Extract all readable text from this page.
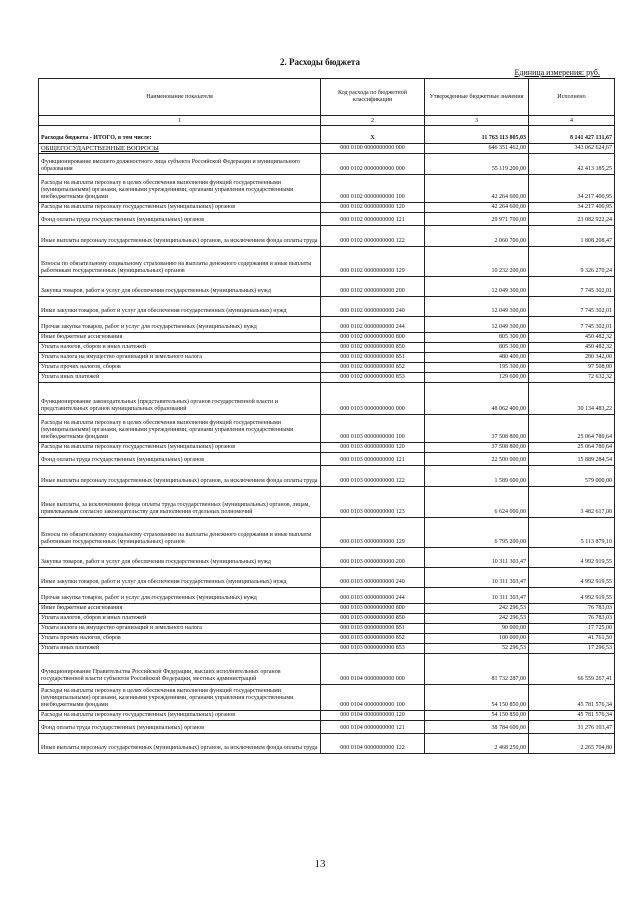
2. Расходы бюджета
Единица измерения: руб.
Наименование показателя	Код расхода по бюджетной классификации	Утвержденные бюджетные значения	Исполнено
1	2	3	4
Расходы бюджета - ИТОГО, в том числе:	X	11 763 113 805,03	8 141 427 131,67
ОБЩЕГОСУДАРСТВЕННЫЕ ВОПРОСЫ	000 0100 0000000000 000	646 351 462,00	343 062 624,67
Функционирование высшего должностного лица субъекта Российской Федерации и муниципального образования	000 0102 0000000000 000	55 119 200,00	42 413 185,25
Расходы на выплаты персоналу в целях обеспечения выполнения функций государственными (муниципальными) органами, казенными учреждениями, органами управления государственными внебюджетными фондами	000 0102 0000000000 100	42 264 600,00	34 217 400,95
Расходы на выплаты персоналу государственных (муниципальных) органов	000 0102 0000000000 120	42 264 600,00	34 217 400,95
Фонд оплаты труда государственных (муниципальных) органов	000 0102 0000000000 121	29 971 700,00	23 082 922,24
Иные выплаты персоналу государственных (муниципальных) органов, за исключением фонда оплаты труда	000 0102 0000000000 122	2 060 700,00	1 808 208,47
Взносы по обязательному социальному страхованию на выплаты денежного содержания и иные выплаты работникам государственных (муниципальных) органов	000 0102 0000000000 129	10 232 200,00	9 326 270,24
Закупка товаров, работ и услуг для обеспечения государственных (муниципальных) нужд	000 0102 0000000000 200	12 049 300,00	7 745 302,01
Иные закупки товаров, работ и услуг для обеспечения государственных (муниципальных) нужд	000 0102 0000000000 240	12 049 300,00	7 745 302,01
Прочая закупка товаров, работ и услуг для государственных (муниципальных) нужд	000 0102 0000000000 244	12 049 300,00	7 745 302,01
Иные бюджетные ассигнования	000 0102 0000000000 800	805 300,00	450 482,32
Уплата налогов, сборов и иных платежей	000 0102 0000000000 850	805 300,00	450 482,32
Уплата налога на имущество организаций и земельного налога	000 0102 0000000000 851	480 400,00	280 342,00
Уплата прочих налогов, сборов	000 0102 0000000000 852	195 300,00	97 508,00
Уплата иных платежей	000 0102 0000000000 853	129 600,00	72 632,32
Функционирование законодательных (представительных) органов государственной власти и представительных органов муниципальных образований	000 0103 0000000000 000	48 062 400,00	30 134 483,22
Расходы на выплаты персоналу в целях обеспечения выполнения функций государственными (муниципальными) органами, казенными учреждениями, органами управления государственными внебюджетными фондами	000 0103 0000000000 100	37 508 800,00	25 064 780,64
Расходы на выплаты персоналу государственных (муниципальных) органов	000 0103 0000000000 120	37 508 800,00	25 064 780,64
Фонд оплаты труда государственных (муниципальных) органов	000 0103 0000000000 121	22 500 000,00	15 889 284,54
Иные выплаты персоналу государственных (муниципальных) органов, за исключением фонда оплаты труда	000 0103 0000000000 122	1 589 600,00	579 000,00
Иные выплаты, за исключением фонда оплаты труда государственных (муниципальных) органов, лицам, привлекаемым согласно законодательству для выполнения отдельных полномочий	000 0103 0000000000 123	6 624 000,00	3 482 617,00
Взносы по обязательному социальному страхованию на выплаты денежного содержания и иные выплаты работникам государственных (муниципальных) органов	000 0103 0000000000 129	6 795 200,00	5 113 879,10
Закупка товаров, работ и услуг для обеспечения государственных (муниципальных) нужд	000 0103 0000000000 200	10 311 303,47	4 992 919,55
Иные закупки товаров, работ и услуг для обеспечения государственных (муниципальных) нужд	000 0103 0000000000 240	10 311 303,47	4 992 919,55
Прочая закупка товаров, работ и услуг для государственных (муниципальных) нужд	000 0103 0000000000 244	10 311 303,47	4 992 919,55
Иные бюджетные ассигнования	000 0103 0000000000 800	242 296,53	76 783,03
Уплата налогов, сборов и иных платежей	000 0103 0000000000 850	242 296,53	76 783,03
Уплата налога на имущество организаций и земельного налога	000 0103 0000000000 851	90 000,00	17 725,00
Уплата прочих налогов, сборов	000 0103 0000000000 852	100 000,00	41 761,50
Уплата иных платежей	000 0103 0000000000 853	52 296,53	17 296,53
Функционирование Правительства Российской Федерации, высших исполнительных органов государственной власти субъектов Российской Федерации, местных администраций	000 0104 0000000000 000	81 732 287,00	66 559 267,41
Расходы на выплаты персоналу в целях обеспечения выполнения функций государственными (муниципальными) органами, казенными учреждениями, органами управления государственными внебюджетными фондами	000 0104 0000000000 100	54 150 850,00	45 781 576,34
Расходы на выплаты персоналу государственных (муниципальных) органов	000 0104 0000000000 120	54 150 850,00	45 781 576,34
Фонд оплаты труда государственных (муниципальных) органов	000 0104 0000000000 121	38 784 600,00	31 276 103,47
Иные выплаты персоналу государственных (муниципальных) органов, за исключением фонда оплаты труда	000 0104 0000000000 122	2 468 250,00	2 265 704,80
13
